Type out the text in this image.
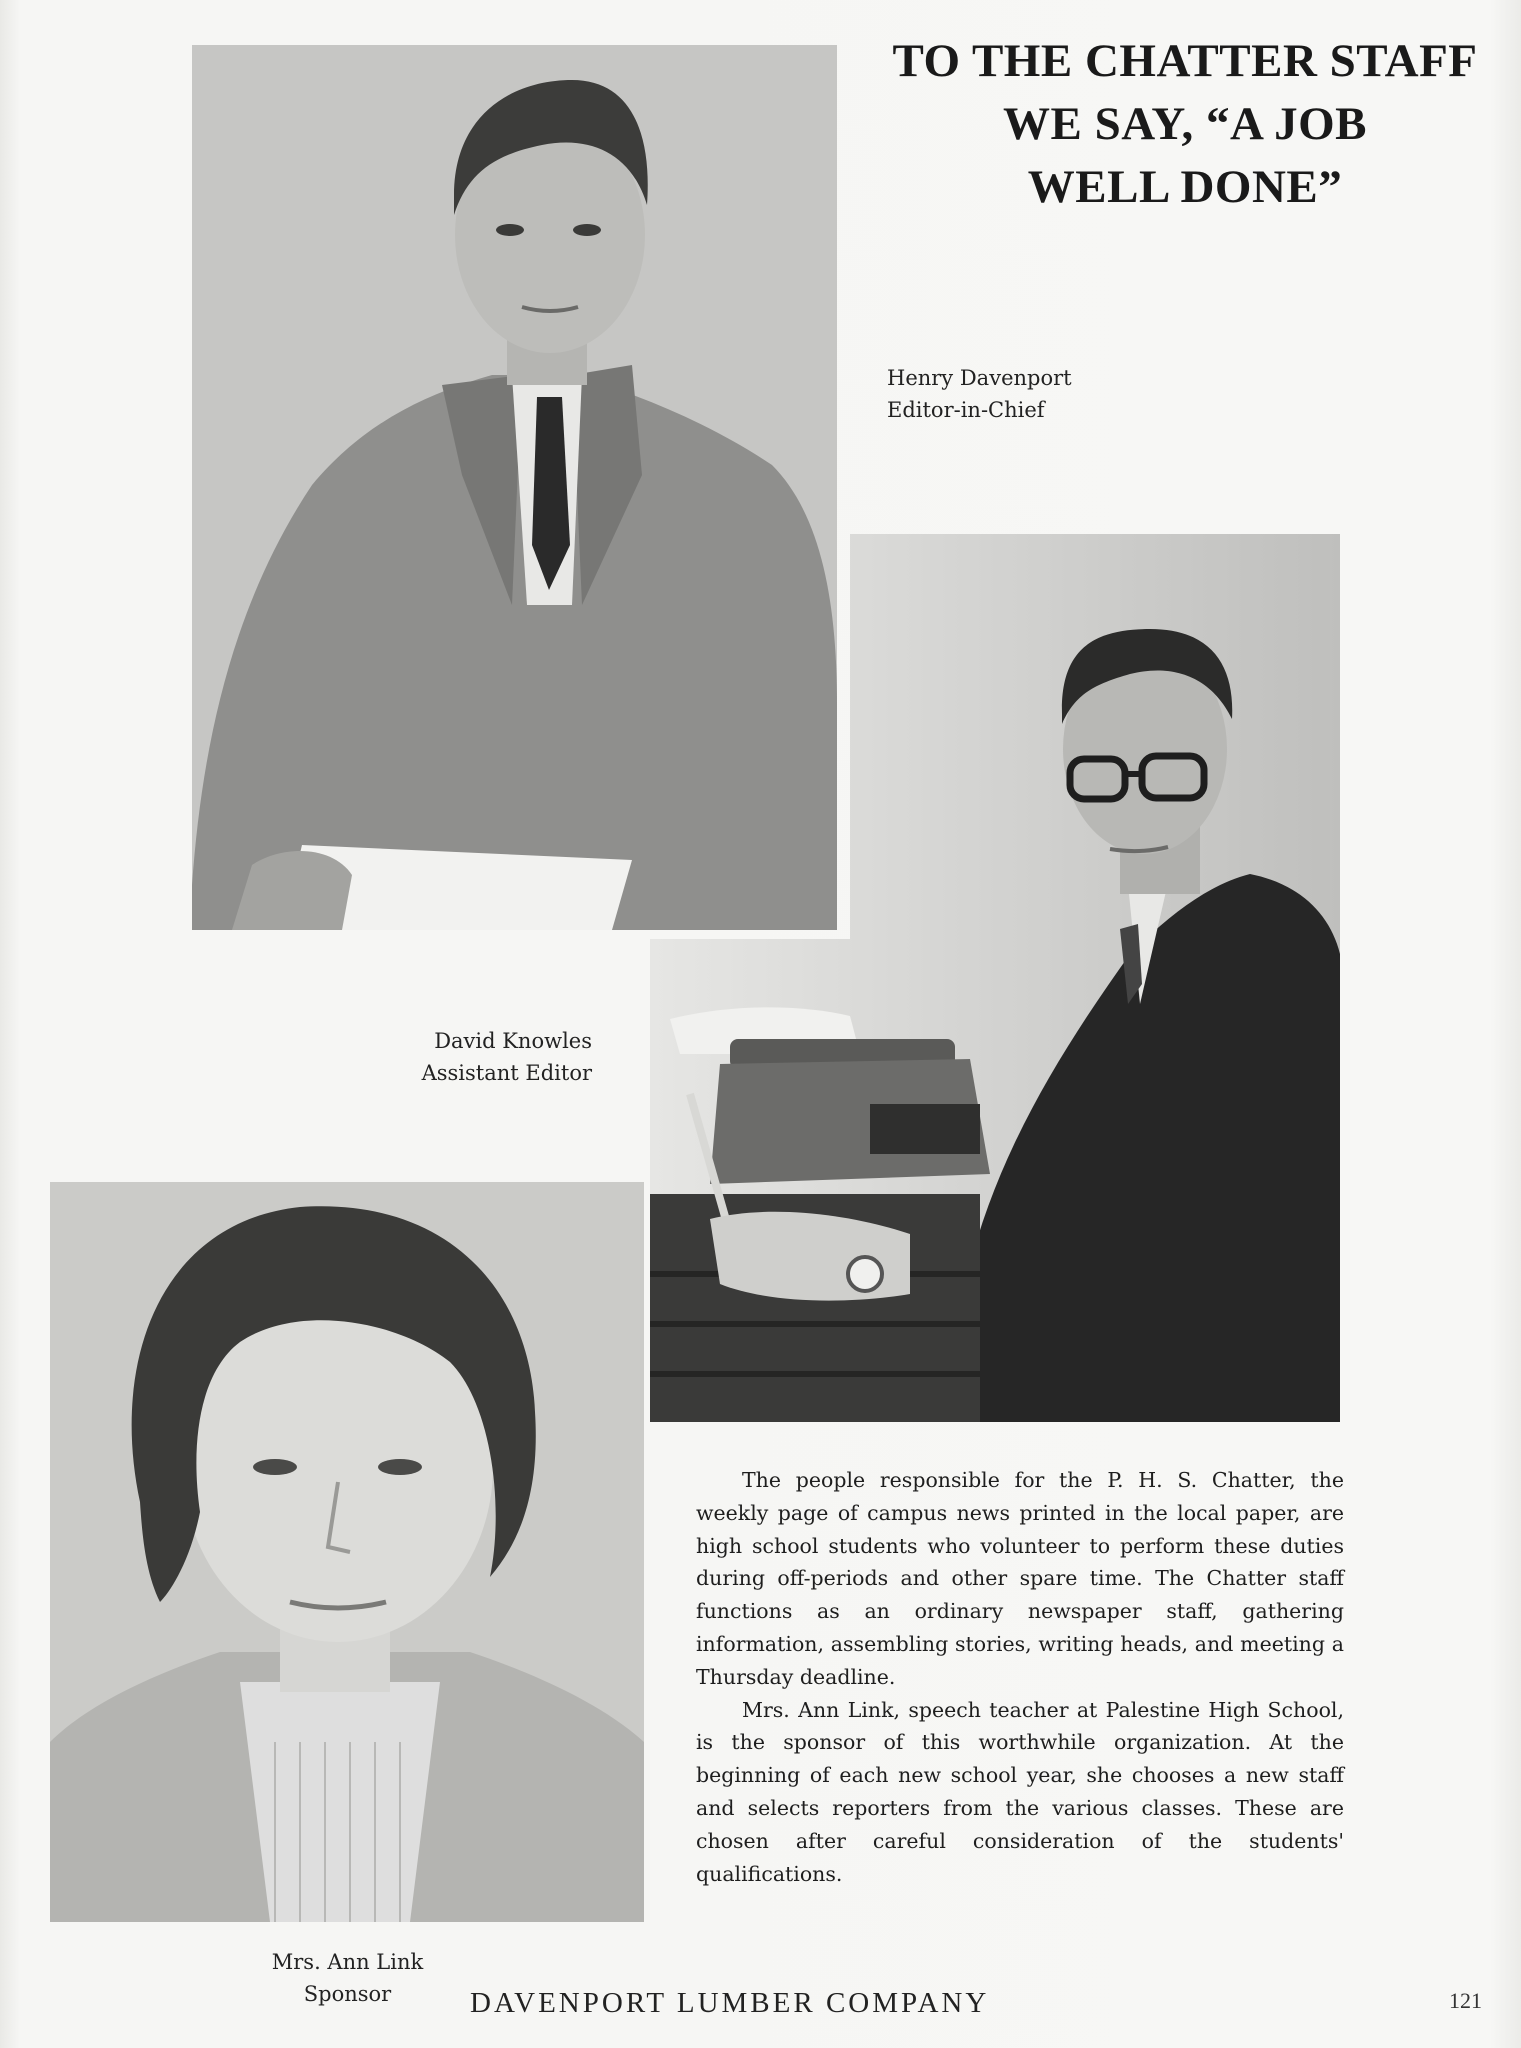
TO THE CHATTER STAFF
WE SAY, “A JOB
WELL DONE”
Henry Davenport
Editor-in-Chief
David Knowles
Assistant Editor
Mrs. Ann Link
Sponsor

The people responsible for the P. H. S. Chatter, the weekly page of campus news printed in the local paper, are high school students who volunteer to perform these duties during off-periods and other spare time. The Chatter staff functions as an ordinary newspaper staff, gathering information, assembling stories, writing heads, and meeting a Thursday deadline.

Mrs. Ann Link, speech teacher at Palestine High School, is the sponsor of this worthwhile organization. At the beginning of each new school year, she chooses a new staff and selects reporters from the various classes. These are chosen after careful consideration of the students' qualifications.

DAVENPORT LUMBER COMPANY	121
